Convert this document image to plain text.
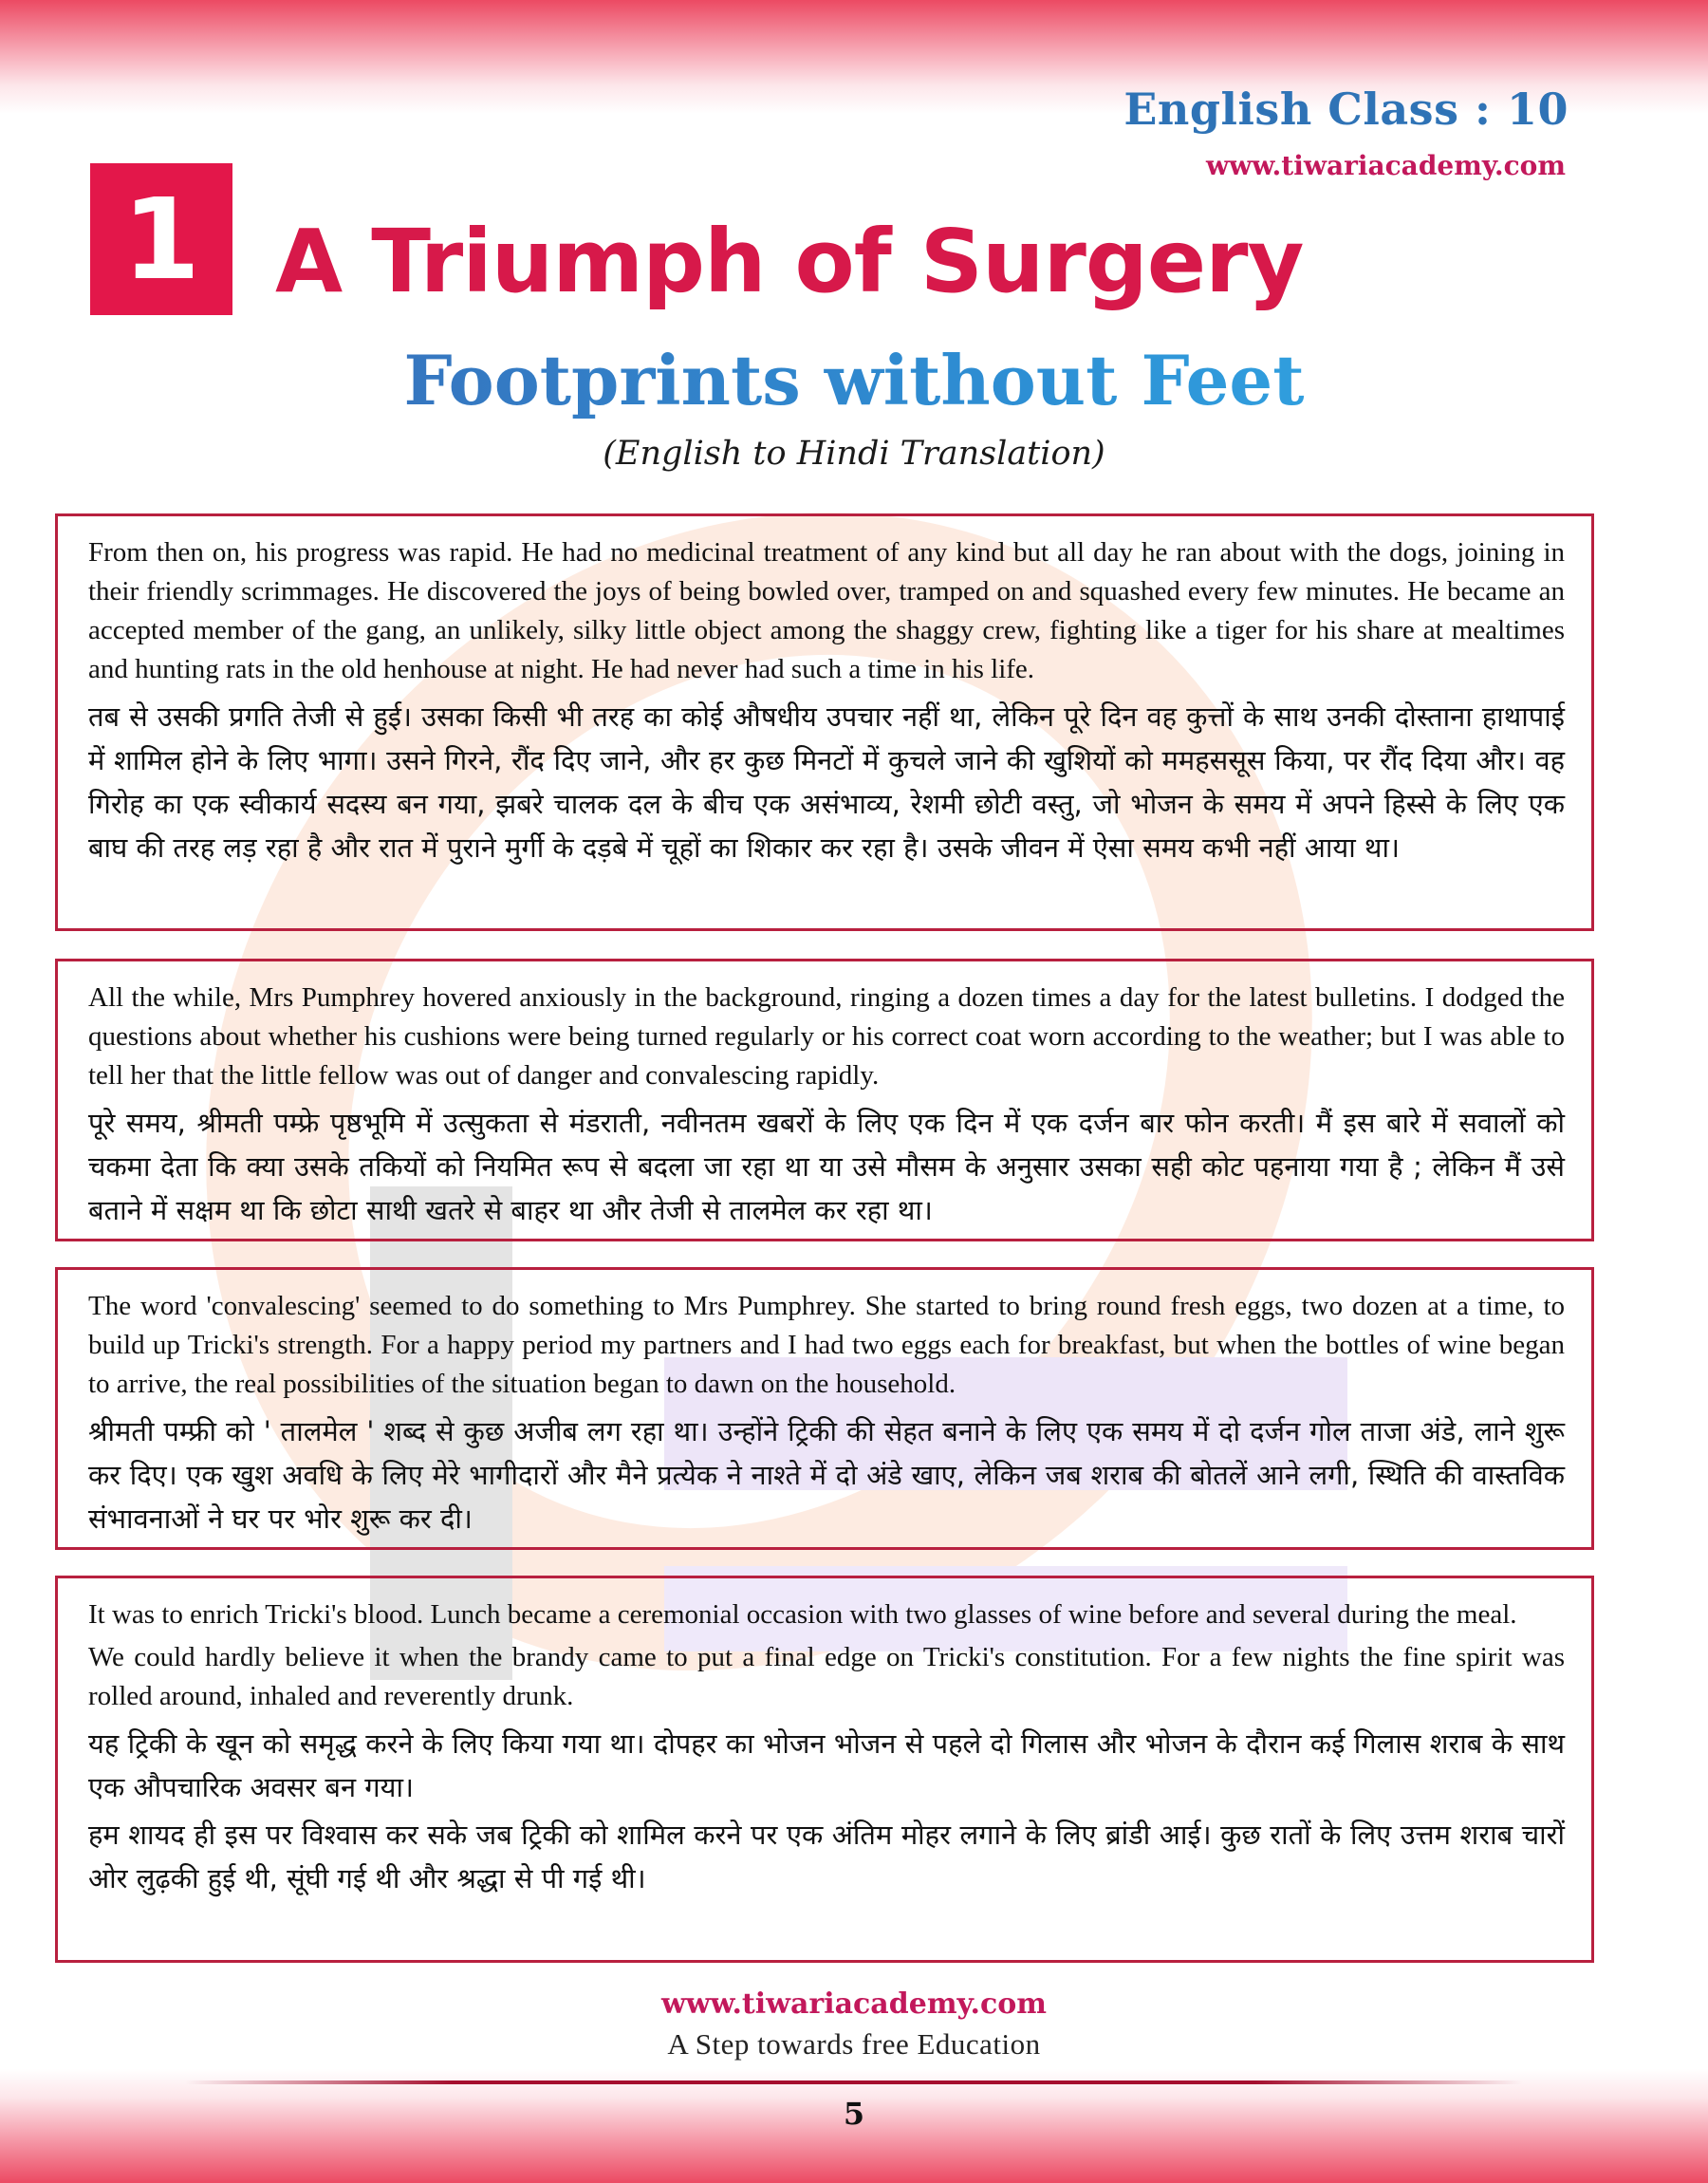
English Class : 10
www.tiwariacademy.com
1 A Triumph of Surgery
Footprints without Feet
(English to Hindi Translation)

From then on, his progress was rapid. He had no medicinal treatment of any kind but all day he ran about with the dogs, joining in their friendly scrimmages. He discovered the joys of being bowled over, tramped on and squashed every few minutes. He became an accepted member of the gang, an unlikely, silky little object among the shaggy crew, fighting like a tiger for his share at mealtimes and hunting rats in the old henhouse at night. He had never had such a time in his life.

तब से उसकी प्रगति तेजी से हुई। उसका किसी भी तरह का कोई औषधीय उपचार नहीं था, लेकिन पूरे दिन वह कुत्तों के साथ उनकी दोस्ताना हाथापाई में शामिल होने के लिए भागा। उसने गिरने, रौंद दिए जाने, और हर कुछ मिनटों में कुचले जाने की खुशियों को ममहससूस किया, पर रौंद दिया और। वह गिरोह का एक स्वीकार्य सदस्य बन गया, झबरे चालक दल के बीच एक असंभाव्य, रेशमी छोटी वस्तु, जो भोजन के समय में अपने हिस्से के लिए एक बाघ की तरह लड़ रहा है और रात में पुराने मुर्गी के दड़बे में चूहों का शिकार कर रहा है। उसके जीवन में ऐसा समय कभी नहीं आया था।

All the while, Mrs Pumphrey hovered anxiously in the background, ringing a dozen times a day for the latest bulletins. I dodged the questions about whether his cushions were being turned regularly or his correct coat worn according to the weather; but I was able to tell her that the little fellow was out of danger and convalescing rapidly.

पूरे समय, श्रीमती पम्फ्रे पृष्ठभूमि में उत्सुकता से मंडराती, नवीनतम खबरों के लिए एक दिन में एक दर्जन बार फोन करती। मैं इस बारे में सवालों को चकमा देता कि क्या उसके तकियों को नियमित रूप से बदला जा रहा था या उसे मौसम के अनुसार उसका सही कोट पहनाया गया है ; लेकिन मैं उसे बताने में सक्षम था कि छोटा साथी खतरे से बाहर था और तेजी से तालमेल कर रहा था।

The word 'convalescing' seemed to do something to Mrs Pumphrey. She started to bring round fresh eggs, two dozen at a time, to build up Tricki's strength. For a happy period my partners and I had two eggs each for breakfast, but when the bottles of wine began to arrive, the real possibilities of the situation began to dawn on the household.

श्रीमती पम्फ्री को ' तालमेल ' शब्द से कुछ अजीब लग रहा था। उन्होंने ट्रिकी की सेहत बनाने के लिए एक समय में दो दर्जन गोल ताजा अंडे, लाने शुरू कर दिए। एक खुश अवधि के लिए मेरे भागीदारों और मैने प्रत्येक ने नाश्ते में दो अंडे खाए, लेकिन जब शराब की बोतलें आने लगी, स्थिति की वास्तविक संभावनाओं ने घर पर भोर शुरू कर दी।

It was to enrich Tricki's blood. Lunch became a ceremonial occasion with two glasses of wine before and several during the meal.

We could hardly believe it when the brandy came to put a final edge on Tricki's constitution. For a few nights the fine spirit was rolled around, inhaled and reverently drunk.

यह ट्रिकी के खून को समृद्ध करने के लिए किया गया था। दोपहर का भोजन भोजन से पहले दो गिलास और भोजन के दौरान कई गिलास शराब के साथ एक औपचारिक अवसर बन गया।

हम शायद ही इस पर विश्वास कर सके जब ट्रिकी को शामिल करने पर एक अंतिम मोहर लगाने के लिए ब्रांडी आई। कुछ रातों के लिए उत्तम शराब चारों ओर लुढ़की हुई थी, सूंघी गई थी और श्रद्धा से पी गई थी।

www.tiwariacademy.com
A Step towards free Education
5
